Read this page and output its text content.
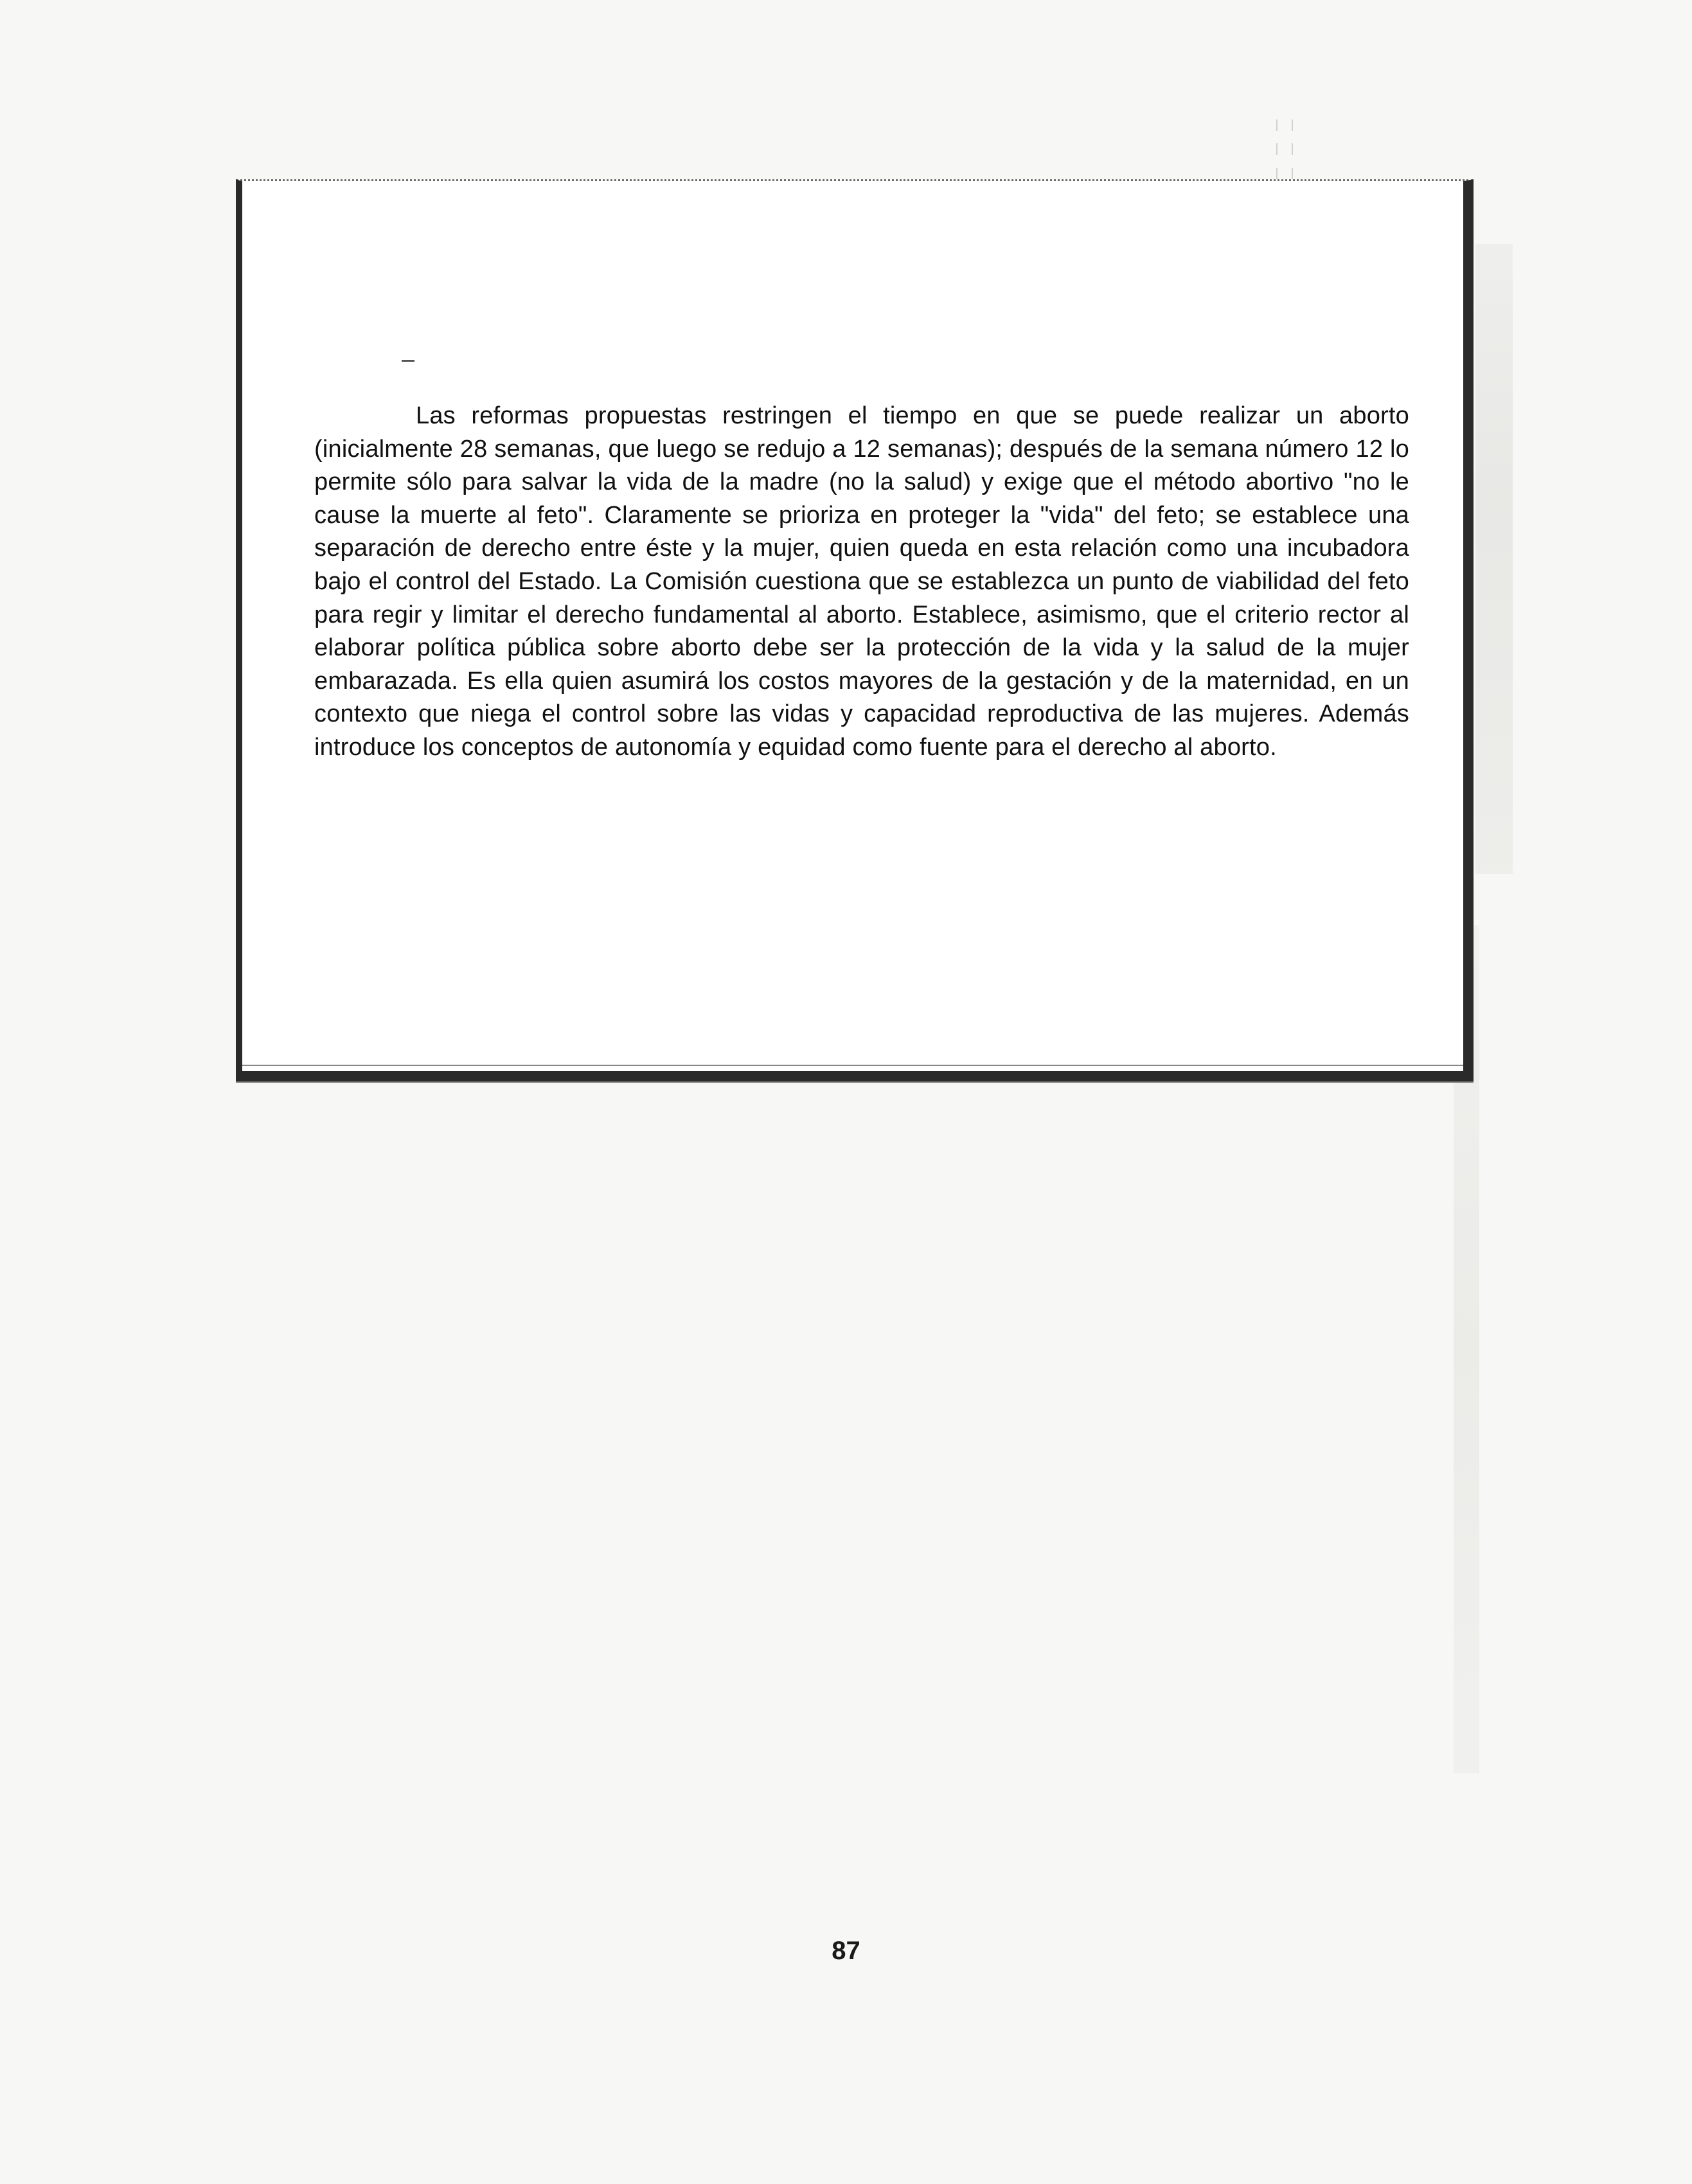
Las reformas propuestas restringen el tiempo en que se puede realizar un aborto (inicialmente 28 semanas, que luego se redujo a 12 semanas); después de la semana número 12 lo permite sólo para salvar la vida de la madre (no la salud) y exige que el método abortivo "no le cause la muerte al feto". Claramente se prioriza en proteger la "vida" del feto; se establece una separación de derecho entre éste y la mujer, quien queda en esta relación como una incubadora bajo el control del Estado. La Comisión cuestiona que se establezca un punto de viabilidad del feto para regir y limitar el derecho fundamental al aborto. Establece, asimismo, que el criterio rector al elaborar política pública sobre aborto debe ser la protección de la vida y la salud de la mujer embarazada. Es ella quien asumirá los costos mayores de la gestación y de la maternidad, en un contexto que niega el control sobre las vidas y capacidad reproductiva de las mujeres. Además introduce los conceptos de autonomía y equidad como fuente para el derecho al aborto.

87
